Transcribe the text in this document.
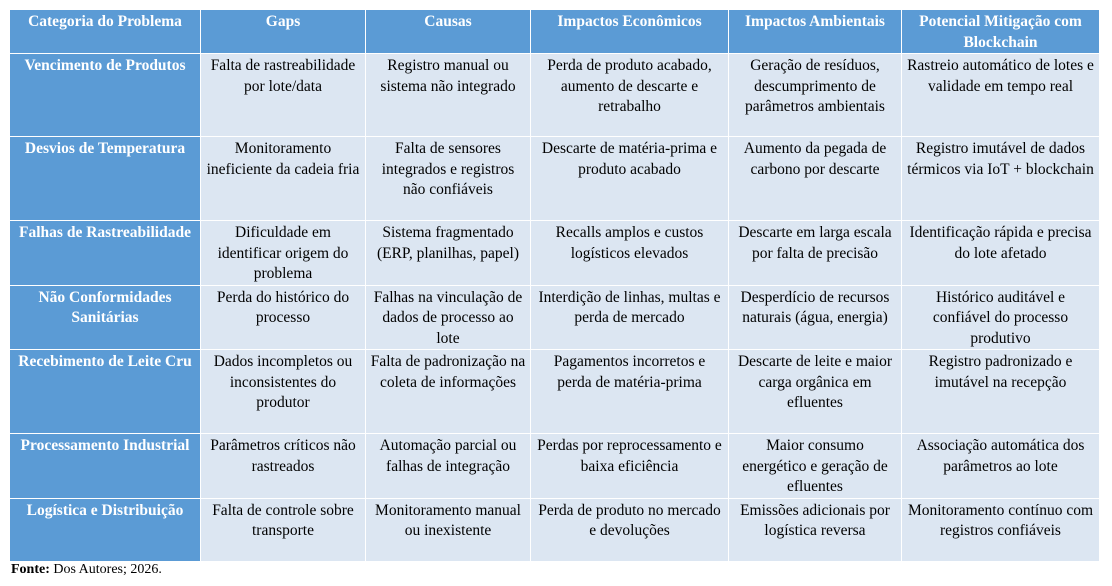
Categoria do Problema	Gaps	Causas	Impactos Econômicos	Impactos Ambientais	Potencial Mitigação com Blockchain
Vencimento de Produtos	Falta de rastreabilidade por lote/data	Registro manual ou sistema não integrado	Perda de produto acabado, aumento de descarte e retrabalho	Geração de resíduos, descumprimento de parâmetros ambientais	Rastreio automático de lotes e validade em tempo real
Desvios de Temperatura	Monitoramento ineficiente da cadeia fria	Falta de sensores integrados e registros não confiáveis	Descarte de matéria-prima e produto acabado	Aumento da pegada de carbono por descarte	Registro imutável de dados térmicos via IoT + blockchain
Falhas de Rastreabilidade	Dificuldade em identificar origem do problema	Sistema fragmentado (ERP, planilhas, papel)	Recalls amplos e custos logísticos elevados	Descarte em larga escala por falta de precisão	Identificação rápida e precisa do lote afetado
Não Conformidades Sanitárias	Perda do histórico do processo	Falhas na vinculação de dados de processo ao lote	Interdição de linhas, multas e perda de mercado	Desperdício de recursos naturais (água, energia)	Histórico auditável e confiável do processo produtivo
Recebimento de Leite Cru	Dados incompletos ou inconsistentes do produtor	Falta de padronização na coleta de informações	Pagamentos incorretos e perda de matéria-prima	Descarte de leite e maior carga orgânica em efluentes	Registro padronizado e imutável na recepção
Processamento Industrial	Parâmetros críticos não rastreados	Automação parcial ou falhas de integração	Perdas por reprocessamento e baixa eficiência	Maior consumo energético e geração de efluentes	Associação automática dos parâmetros ao lote
Logística e Distribuição	Falta de controle sobre transporte	Monitoramento manual ou inexistente	Perda de produto no mercado e devoluções	Emissões adicionais por logística reversa	Monitoramento contínuo com registros confiáveis
Fonte: Dos Autores; 2026.
